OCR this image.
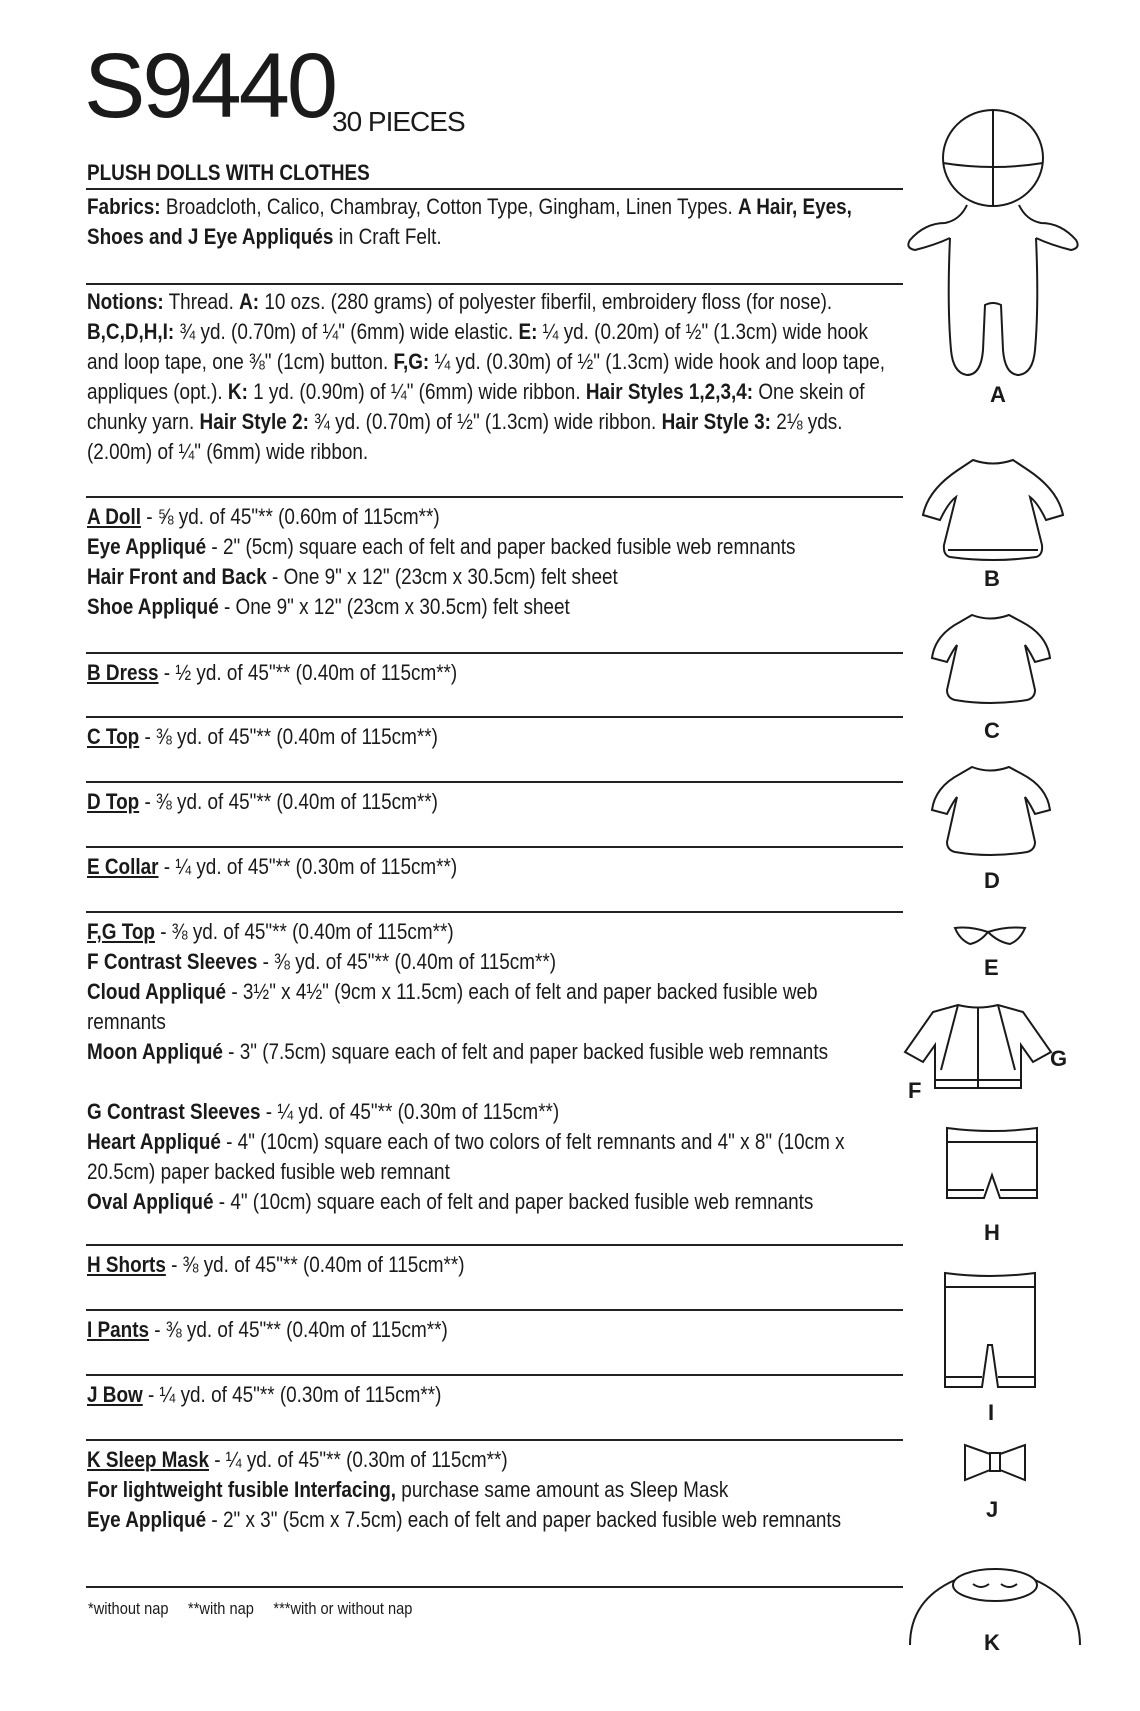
S9440
30 PIECES
PLUSH DOLLS WITH CLOTHES
Fabrics: Broadcloth, Calico, Chambray, Cotton Type, Gingham, Linen Types. A Hair, Eyes, Shoes and J Eye Appliqués in Craft Felt.
Notions: Thread. A: 10 ozs. (280 grams) of polyester fiberfil, embroidery floss (for nose). B,C,D,H,I: ¾ yd. (0.70m) of ¼" (6mm) wide elastic. E: ¼ yd. (0.20m) of ½" (1.3cm) wide hook and loop tape, one ⅜" (1cm) button. F,G: ¼ yd. (0.30m) of ½" (1.3cm) wide hook and loop tape, appliques (opt.). K: 1 yd. (0.90m) of ¼" (6mm) wide ribbon. Hair Styles 1,2,3,4: One skein of chunky yarn. Hair Style 2: ¾ yd. (0.70m) of ½" (1.3cm) wide ribbon. Hair Style 3: 2⅛ yds. (2.00m) of ¼" (6mm) wide ribbon.
A Doll - ⅝ yd. of 45"** (0.60m of 115cm**)
Eye Appliqué - 2" (5cm) square each of felt and paper backed fusible web remnants
Hair Front and Back - One 9" x 12" (23cm x 30.5cm) felt sheet
Shoe Appliqué - One 9" x 12" (23cm x 30.5cm) felt sheet
B Dress - ½ yd. of 45"** (0.40m of 115cm**)
C Top - ⅜ yd. of 45"** (0.40m of 115cm**)
D Top - ⅜ yd. of 45"** (0.40m of 115cm**)
E Collar - ¼ yd. of 45"** (0.30m of 115cm**)
F,G Top - ⅜ yd. of 45"** (0.40m of 115cm**)
F Contrast Sleeves - ⅜ yd. of 45"** (0.40m of 115cm**)
Cloud Appliqué - 3½" x 4½" (9cm x 11.5cm) each of felt and paper backed fusible web remnants
Moon Appliqué - 3" (7.5cm) square each of felt and paper backed fusible web remnants
G Contrast Sleeves - ¼ yd. of 45"** (0.30m of 115cm**)
Heart Appliqué - 4" (10cm) square each of two colors of felt remnants and 4" x 8" (10cm x 20.5cm) paper backed fusible web remnant
Oval Appliqué - 4" (10cm) square each of felt and paper backed fusible web remnants
H Shorts - ⅜ yd. of 45"** (0.40m of 115cm**)
I Pants - ⅜ yd. of 45"** (0.40m of 115cm**)
J Bow - ¼ yd. of 45"** (0.30m of 115cm**)
K Sleep Mask - ¼ yd. of 45"** (0.30m of 115cm**)
For lightweight fusible Interfacing, purchase same amount as Sleep Mask
Eye Appliqué - 2" x 3" (5cm x 7.5cm) each of felt and paper backed fusible web remnants
*without nap **with nap ***with or without nap
A
B
C
D
E
G
F
H
I
J
K
